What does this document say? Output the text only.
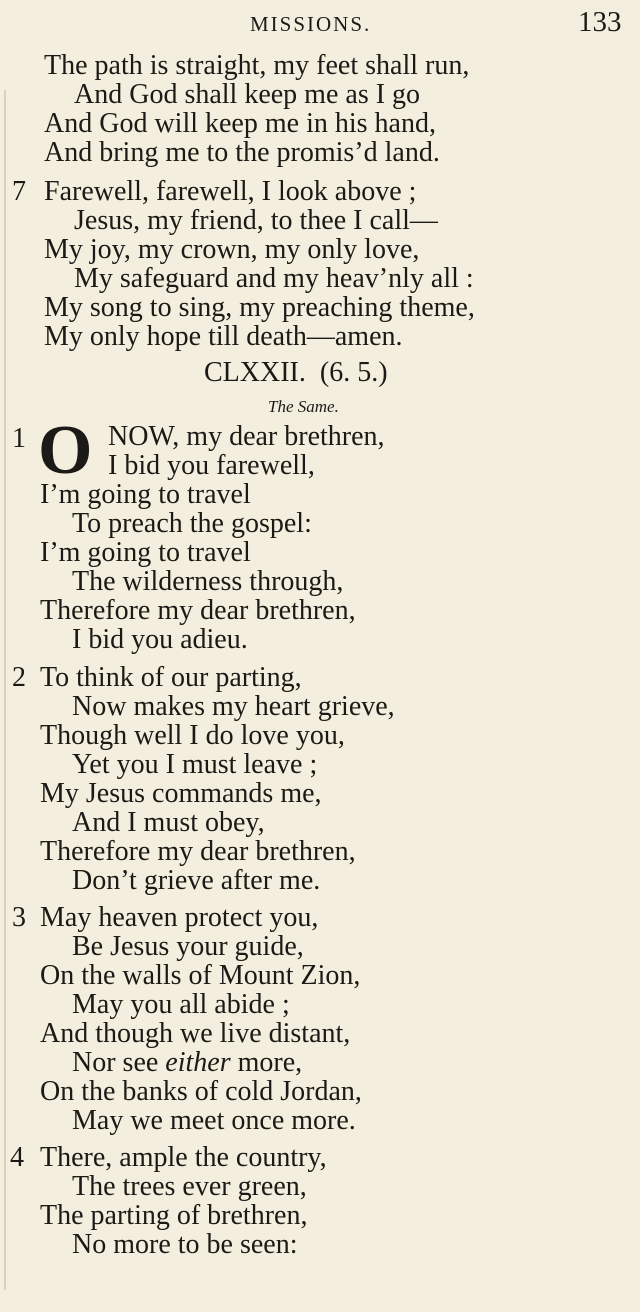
MISSIONS.	133
The path is straight, my feet shall run,
And God shall keep me as I go
And God will keep me in his hand,
And bring me to the promis’d land.
7 Farewell, farewell, I look above ;
Jesus, my friend, to thee I call—
My joy, my crown, my only love,
My safeguard and my heav’nly all :
My song to sing, my preaching theme,
My only hope till death—amen.
CLXXII. (6. 5.)
The Same.
1 O NOW, my dear brethren,
I bid you farewell,
I’m going to travel
To preach the gospel:
I’m going to travel
The wilderness through,
Therefore my dear brethren,
I bid you adieu.
2 To think of our parting,
Now makes my heart grieve,
Though well I do love you,
Yet you I must leave ;
My Jesus commands me,
And I must obey,
Therefore my dear brethren,
Don’t grieve after me.
3 May heaven protect you,
Be Jesus your guide,
On the walls of Mount Zion,
May you all abide ;
And though we live distant,
Nor see either more,
On the banks of cold Jordan,
May we meet once more.
4 There, ample the country,
The trees ever green,
The parting of brethren,
No more to be seen:
